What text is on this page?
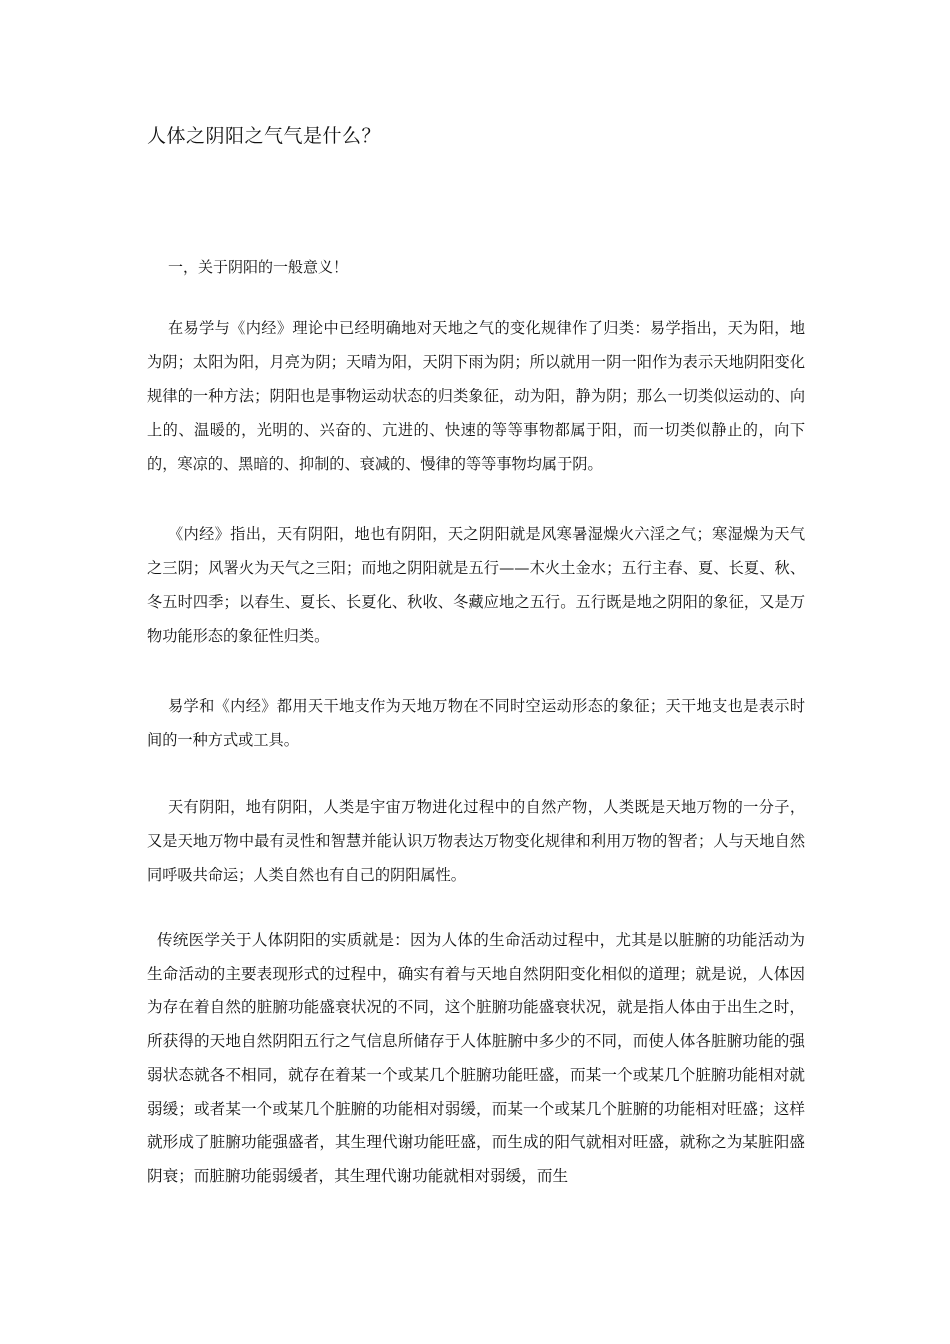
人体之阴阳之气气是什么？

一，关于阴阳的一般意义！

在易学与《内经》理论中已经明确地对天地之气的变化规律作了归类：易学指出，天为阳，地为阴；太阳为阳，月亮为阴；天晴为阳，天阴下雨为阴；所以就用一阴一阳作为表示天地阴阳变化规律的一种方法；阴阳也是事物运动状态的归类象征，动为阳，静为阴；那么一切类似运动的、向上的、温暖的，光明的、兴奋的、亢进的、快速的等等事物都属于阳，而一切类似静止的，向下的，寒凉的、黑暗的、抑制的、衰减的、慢律的等等事物均属于阴。

《内经》指出，天有阴阳，地也有阴阳，天之阴阳就是风寒暑湿燥火六淫之气；寒湿燥为天气之三阴；风署火为天气之三阳；而地之阴阳就是五行——木火土金水；五行主春、夏、长夏、秋、冬五时四季；以春生、夏长、长夏化、秋收、冬藏应地之五行。五行既是地之阴阳的象征，又是万物功能形态的象征性归类。

易学和《内经》都用天干地支作为天地万物在不同时空运动形态的象征；天干地支也是表示时间的一种方式或工具。

天有阴阳，地有阴阳，人类是宇宙万物进化过程中的自然产物，人类既是天地万物的一分子，又是天地万物中最有灵性和智慧并能认识万物表达万物变化规律和利用万物的智者；人与天地自然同呼吸共命运；人类自然也有自己的阴阳属性。

传统医学关于人体阴阳的实质就是：因为人体的生命活动过程中，尤其是以脏腑的功能活动为生命活动的主要表现形式的过程中，确实有着与天地自然阴阳变化相似的道理；就是说，人体因为存在着自然的脏腑功能盛衰状况的不同，这个脏腑功能盛衰状况，就是指人体由于出生之时，所获得的天地自然阴阳五行之气信息所储存于人体脏腑中多少的不同，而使人体各脏腑功能的强弱状态就各不相同，就存在着某一个或某几个脏腑功能旺盛，而某一个或某几个脏腑功能相对就弱缓；或者某一个或某几个脏腑的功能相对弱缓，而某一个或某几个脏腑的功能相对旺盛；这样就形成了脏腑功能强盛者，其生理代谢功能旺盛，而生成的阳气就相对旺盛，就称之为某脏阳盛阴衰；而脏腑功能弱缓者，其生理代谢功能就相对弱缓，而生
